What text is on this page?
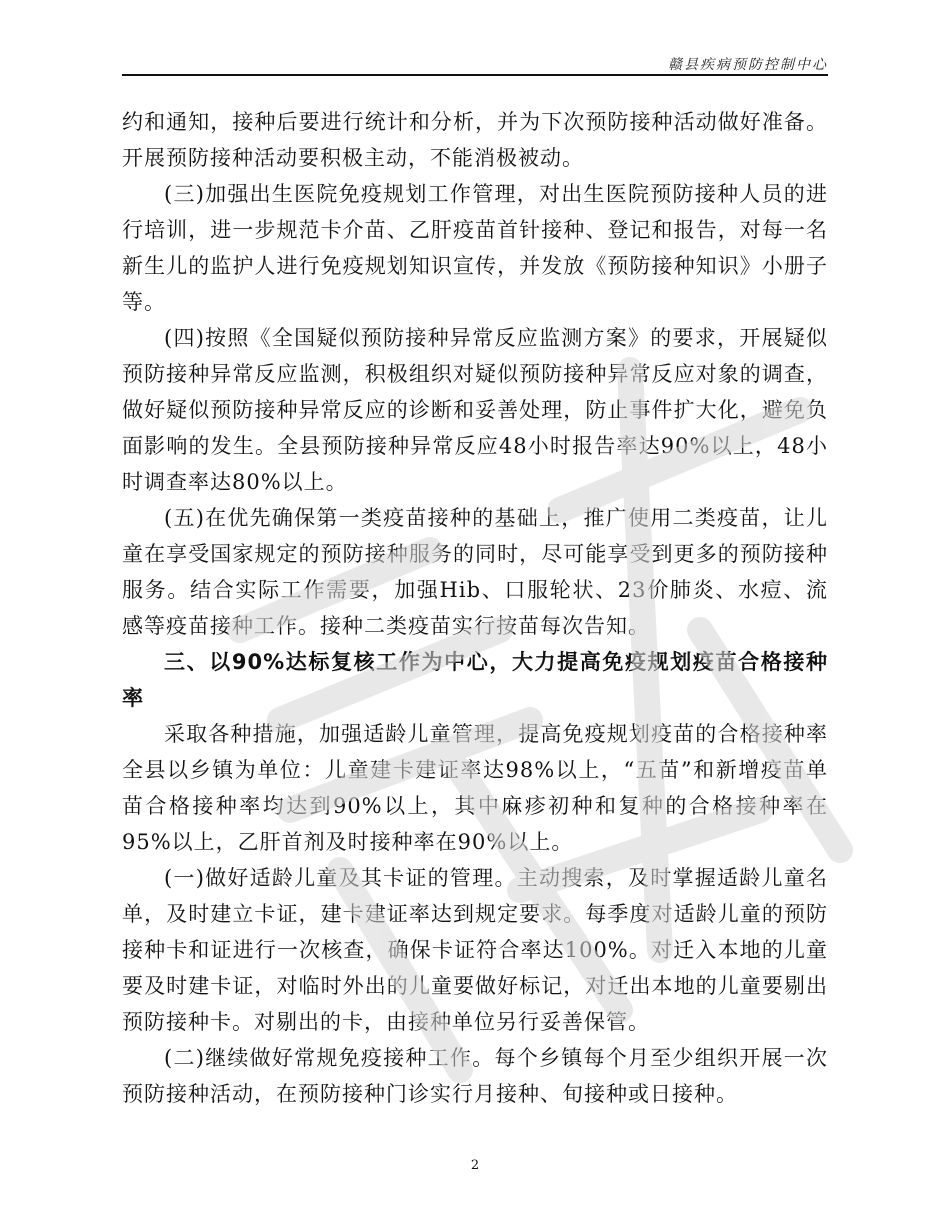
赣县疾病预防控制中心

约和通知，接种后要进行统计和分析，并为下次预防接种活动做好准备。开展预防接种活动要积极主动，不能消极被动。

(三)加强出生医院免疫规划工作管理，对出生医院预防接种人员的进行培训，进一步规范卡介苗、乙肝疫苗首针接种、登记和报告，对每一名新生儿的监护人进行免疫规划知识宣传，并发放《预防接种知识》小册子等。

(四)按照《全国疑似预防接种异常反应监测方案》的要求，开展疑似预防接种异常反应监测，积极组织对疑似预防接种异常反应对象的调查，做好疑似预防接种异常反应的诊断和妥善处理，防止事件扩大化，避免负面影响的发生。全县预防接种异常反应48小时报告率达90%以上，48小时调查率达80%以上。

(五)在优先确保第一类疫苗接种的基础上，推广使用二类疫苗，让儿童在享受国家规定的预防接种服务的同时，尽可能享受到更多的预防接种服务。结合实际工作需要，加强Hib、口服轮状、23价肺炎、水痘、流感等疫苗接种工作。接种二类疫苗实行按苗每次告知。

三、以90%达标复核工作为中心，大力提高免疫规划疫苗合格接种率

采取各种措施，加强适龄儿童管理，提高免疫规划疫苗的合格接种率全县以乡镇为单位：儿童建卡建证率达98%以上，“五苗”和新增疫苗单苗合格接种率均达到90%以上，其中麻疹初种和复种的合格接种率在95%以上，乙肝首剂及时接种率在90%以上。

(一)做好适龄儿童及其卡证的管理。主动搜索，及时掌握适龄儿童名单，及时建立卡证，建卡建证率达到规定要求。每季度对适龄儿童的预防接种卡和证进行一次核查，确保卡证符合率达100%。对迁入本地的儿童要及时建卡证，对临时外出的儿童要做好标记，对迁出本地的儿童要剔出预防接种卡。对剔出的卡，由接种单位另行妥善保管。

(二)继续做好常规免疫接种工作。每个乡镇每个月至少组织开展一次预防接种活动，在预防接种门诊实行月接种、旬接种或日接种。

2
